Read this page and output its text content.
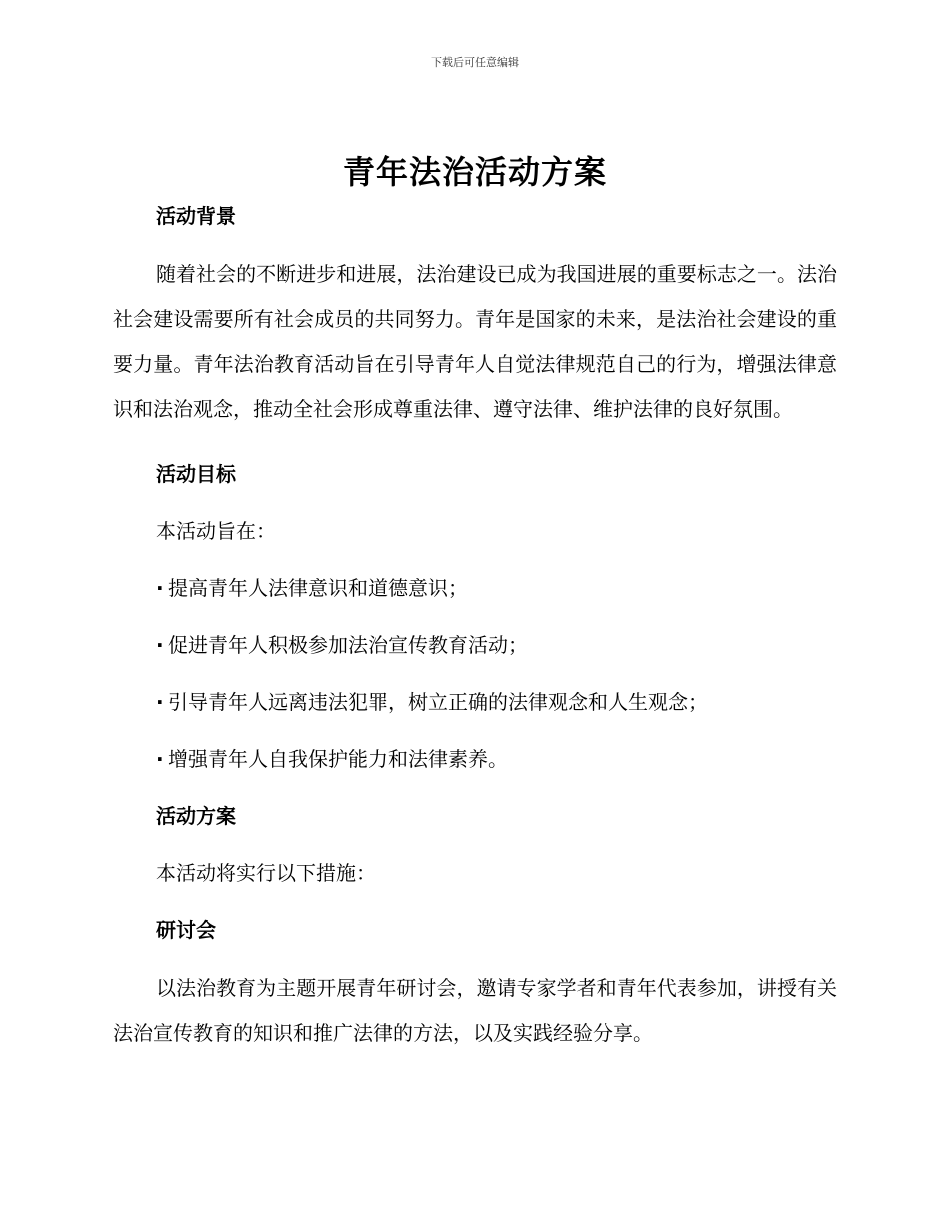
下载后可任意编辑
青年法治活动方案
活动背景

随着社会的不断进步和进展，法治建设已成为我国进展的重要标志之一。法治社会建设需要所有社会成员的共同努力。青年是国家的未来，是法治社会建设的重要力量。青年法治教育活动旨在引导青年人自觉法律规范自己的行为，增强法律意识和法治观念，推动全社会形成尊重法律、遵守法律、维护法律的良好氛围。

活动目标

本活动旨在：

· 提高青年人法律意识和道德意识；

· 促进青年人积极参加法治宣传教育活动；

· 引导青年人远离违法犯罪，树立正确的法律观念和人生观念；

· 增强青年人自我保护能力和法律素养。

活动方案

本活动将实行以下措施：

研讨会

以法治教育为主题开展青年研讨会，邀请专家学者和青年代表参加，讲授有关法治宣传教育的知识和推广法律的方法，以及实践经验分享。
